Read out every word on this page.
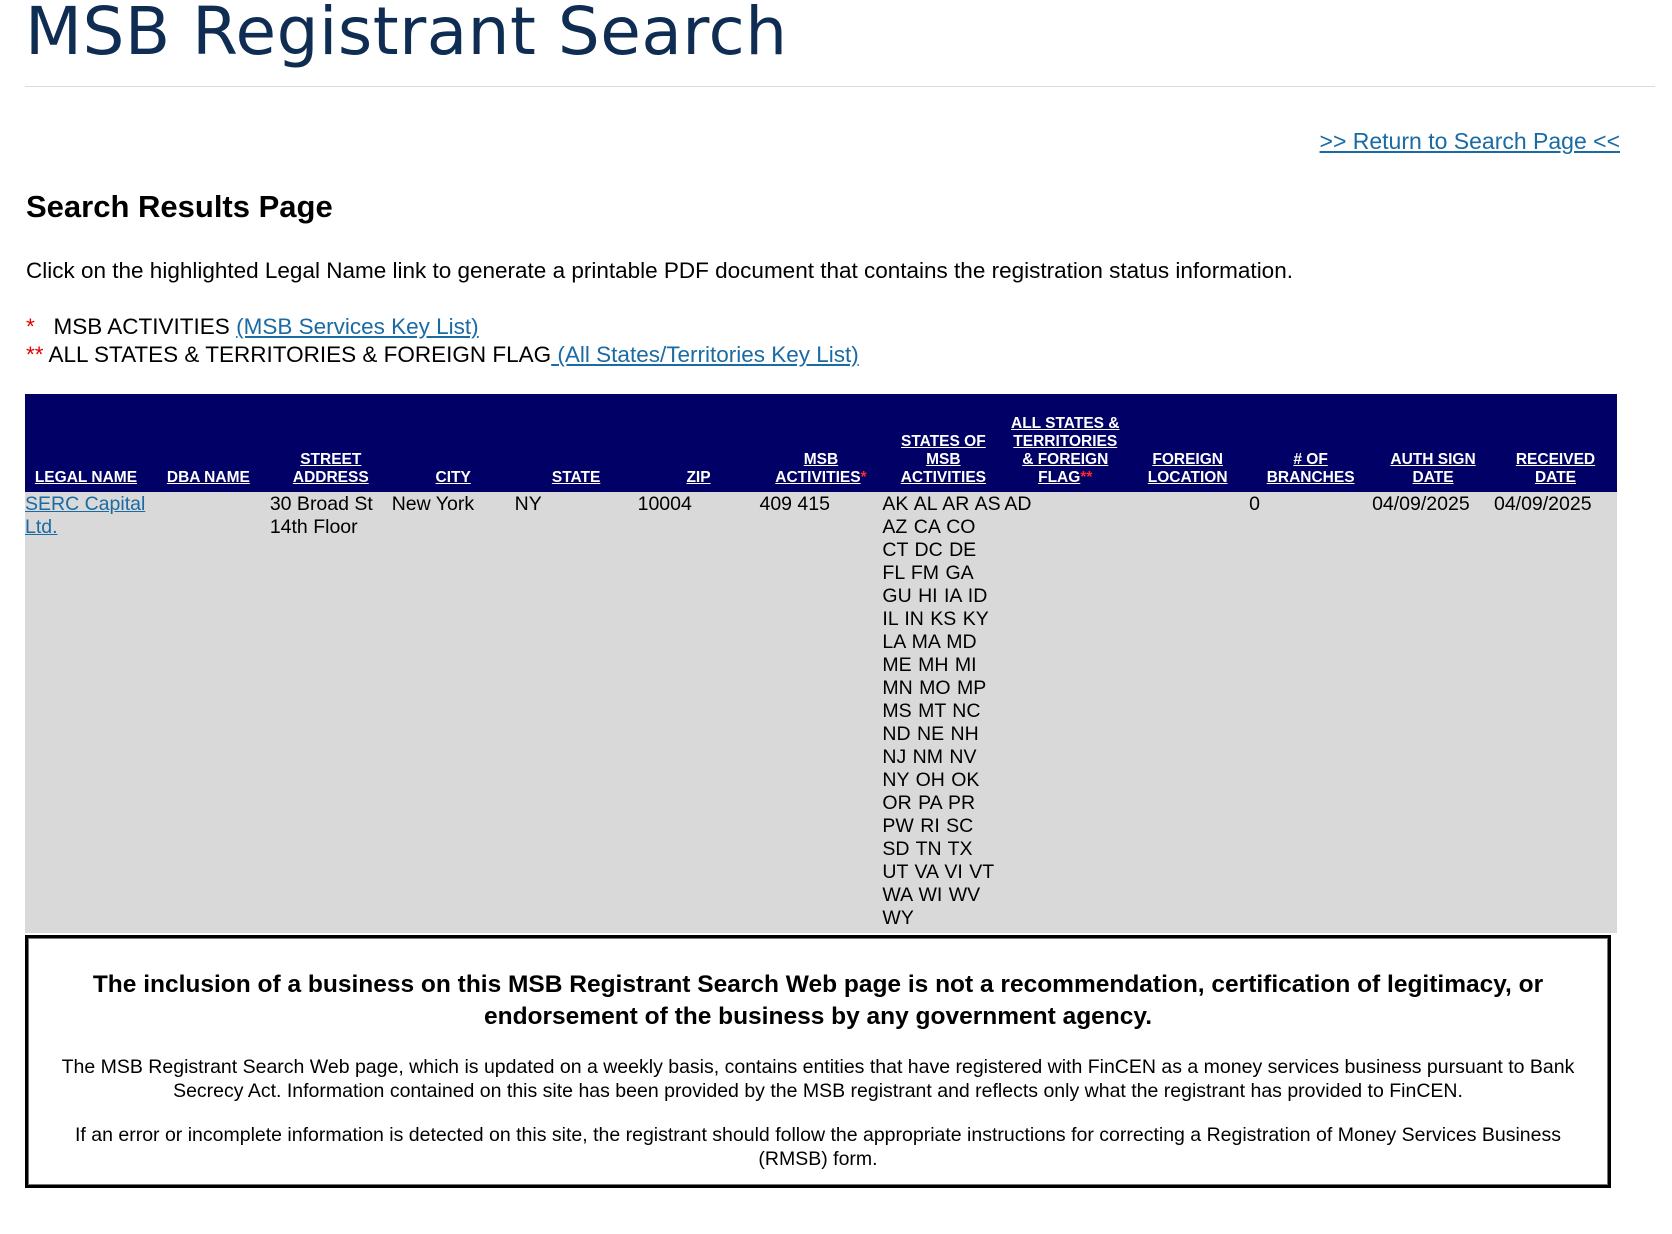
MSB Registrant Search
>> Return to Search Page <<
Search Results Page
Click on the highlighted Legal Name link to generate a printable PDF document that contains the registration status information.
* MSB ACTIVITIES (MSB Services Key List)
** ALL STATES & TERRITORIES & FOREIGN FLAG (All States/Territories Key List)
LEGAL NAME	DBA NAME	STREET ADDRESS	CITY	STATE	ZIP	MSB ACTIVITIES*	STATES OF MSB ACTIVITIES	ALL STATES & TERRITORIES & FOREIGN FLAG**	FOREIGN LOCATION	# OF BRANCHES	AUTH SIGN DATE	RECEIVED DATE
SERC Capital Ltd.		30 Broad St 14th Floor	New York	NY	10004	409 415	AK AL AR AS AZ CA CO CT DC DE FL FM GA GU HI IA ID IL IN KS KY LA MA MD ME MH MI MN MO MP MS MT NC ND NE NH NJ NM NV NY OH OK OR PA PR PW RI SC SD TN TX UT VA VI VT WA WI WV WY	AD		0	04/09/2025	04/09/2025
The inclusion of a business on this MSB Registrant Search Web page is not a recommendation, certification of legitimacy, or endorsement of the business by any government agency.
The MSB Registrant Search Web page, which is updated on a weekly basis, contains entities that have registered with FinCEN as a money services business pursuant to Bank Secrecy Act. Information contained on this site has been provided by the MSB registrant and reflects only what the registrant has provided to FinCEN.
If an error or incomplete information is detected on this site, the registrant should follow the appropriate instructions for correcting a Registration of Money Services Business (RMSB) form.
